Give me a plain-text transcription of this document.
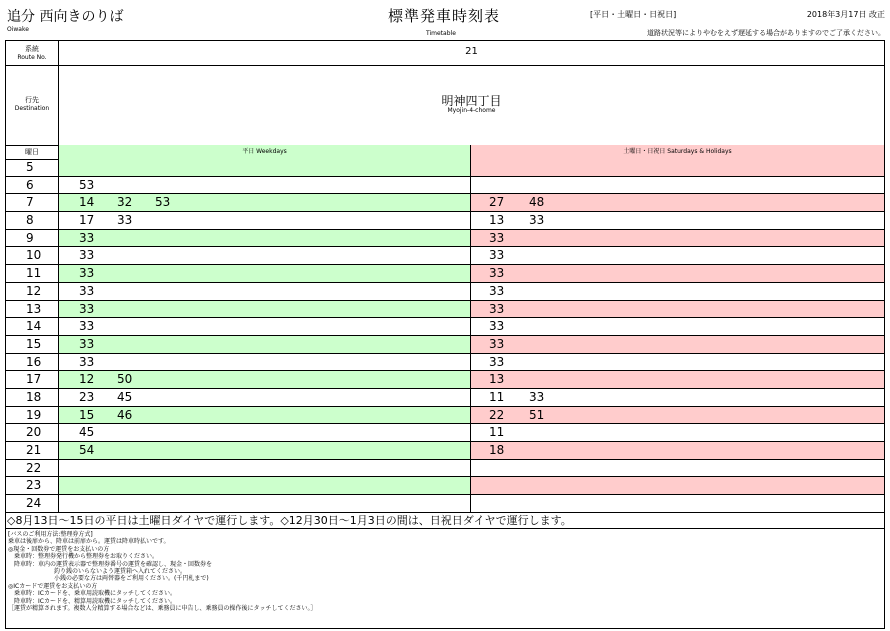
追分 西向きのりば
Oiwake
標準発車時刻表
Timetable
[平日・土曜日・日祝日]	2018年3月17日 改正
道路状況等によりやむをえず遅延する場合がありますのでご了承ください。
系統
Route No.
21
行先
Destination
明神四丁目
Myojin-4-chome
曜日	平日 Weekdays	土曜日・日祝日 Saturdays & Holidays
5
6	53
7	14 32 53	27 48
8	17 33	13 33
9	33	33
10	33	33
11	33	33
12	33	33
13	33	33
14	33	33
15	33	33
16	33	33
17	12 50	13
18	23 45	11 33
19	15 46	22 51
20	45	11
21	54	18
22
23
24
◇8月13日～15日の平日は土曜日ダイヤで運行します。◇12月30日～1月3日の間は、日祝日ダイヤで運行します。
[バスのご利用方法:整理券方式]
乗車は後扉から、降車は前扉から。運賃は降車時払いです。
◎現金・回数券で運賃をお支払いの方
乗車時：整理券発行機から整理券をお取りください。
降車時：車内の運賃表示器で整理券番号の運賃を確認し、現金・回数券を
釣り銭のいらないよう運賃箱へ入れてください。
小銭の必要な方は両替器をご利用ください。(千円札まで)
◎ICカードで運賃をお支払いの方
乗車時：ICカードを、乗車用読取機にタッチしてください。
降車時：ICカードを、精算用読取機にタッチしてください。
［運賃が精算されます。複数人分精算する場合などは、乗務員に申告し、乗務員の操作後にタッチしてください。］
